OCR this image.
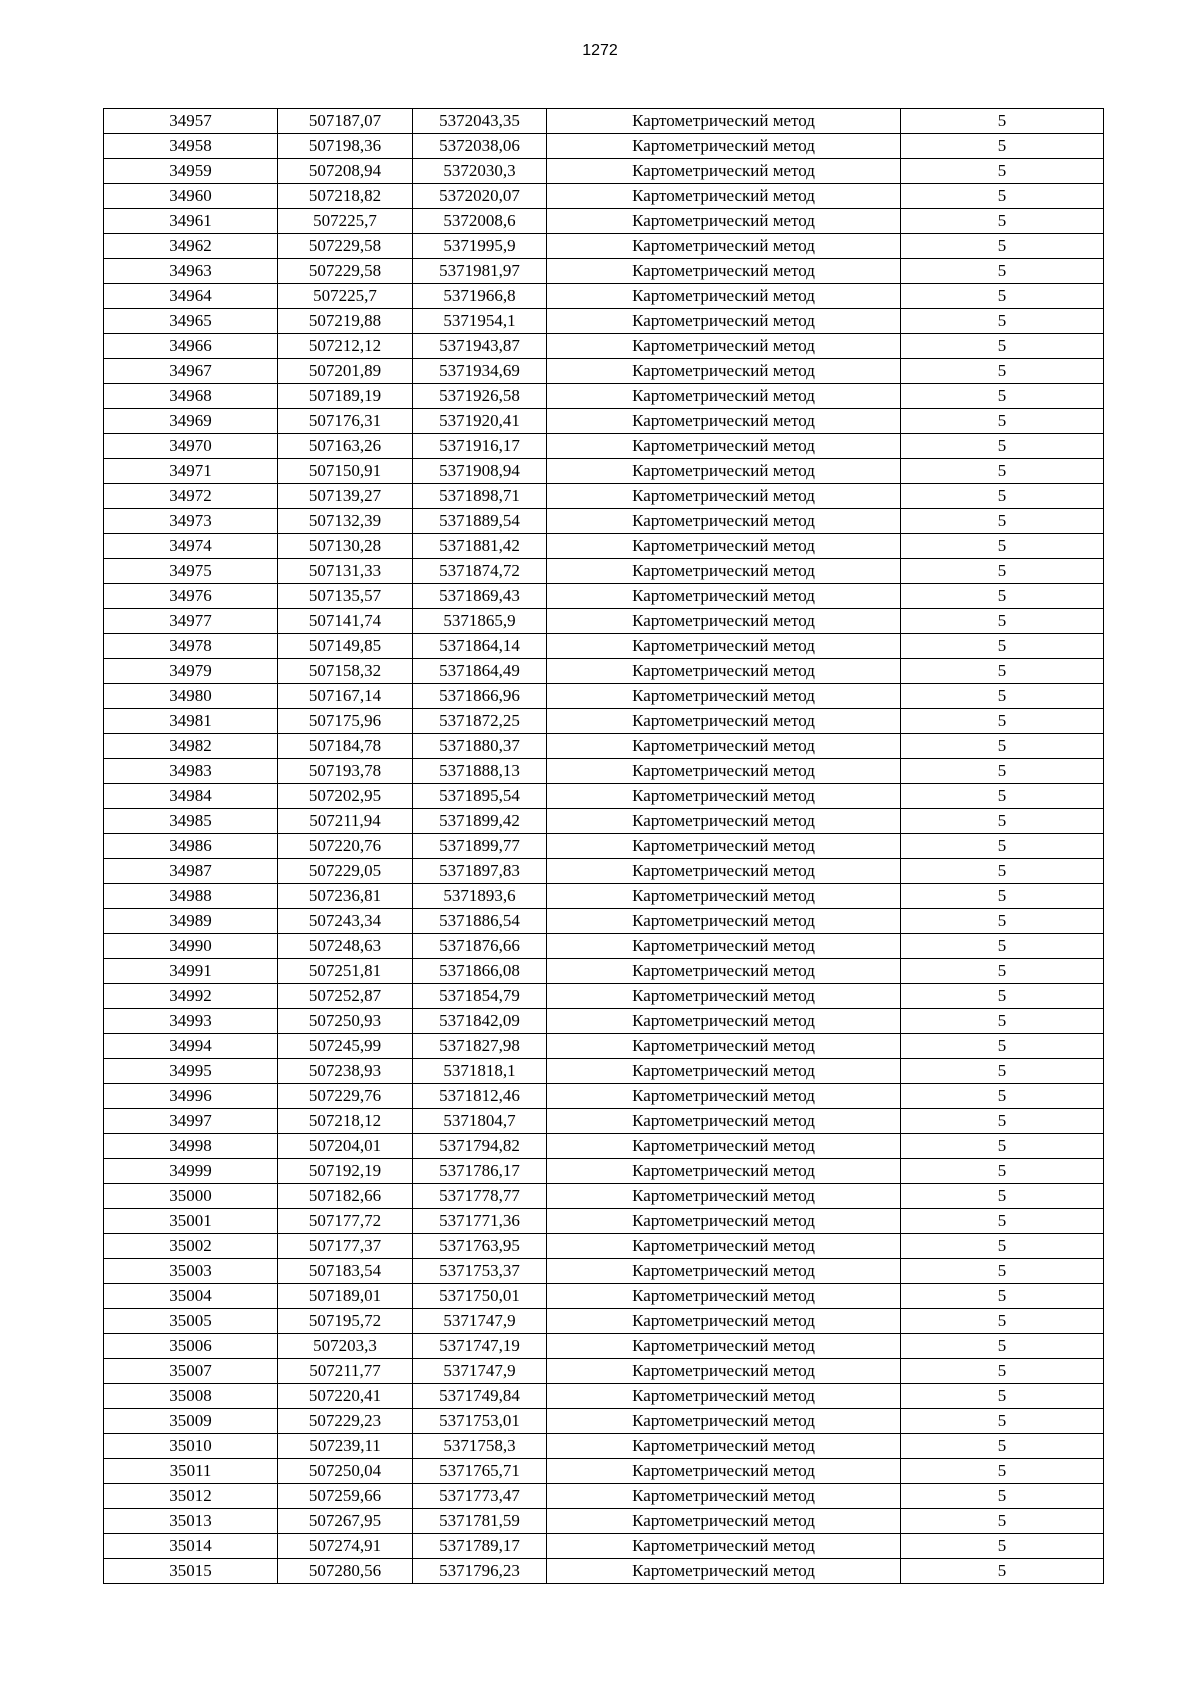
1272
34957	507187,07	5372043,35	Картометрический метод	5
34958	507198,36	5372038,06	Картометрический метод	5
34959	507208,94	5372030,3	Картометрический метод	5
34960	507218,82	5372020,07	Картометрический метод	5
34961	507225,7	5372008,6	Картометрический метод	5
34962	507229,58	5371995,9	Картометрический метод	5
34963	507229,58	5371981,97	Картометрический метод	5
34964	507225,7	5371966,8	Картометрический метод	5
34965	507219,88	5371954,1	Картометрический метод	5
34966	507212,12	5371943,87	Картометрический метод	5
34967	507201,89	5371934,69	Картометрический метод	5
34968	507189,19	5371926,58	Картометрический метод	5
34969	507176,31	5371920,41	Картометрический метод	5
34970	507163,26	5371916,17	Картометрический метод	5
34971	507150,91	5371908,94	Картометрический метод	5
34972	507139,27	5371898,71	Картометрический метод	5
34973	507132,39	5371889,54	Картометрический метод	5
34974	507130,28	5371881,42	Картометрический метод	5
34975	507131,33	5371874,72	Картометрический метод	5
34976	507135,57	5371869,43	Картометрический метод	5
34977	507141,74	5371865,9	Картометрический метод	5
34978	507149,85	5371864,14	Картометрический метод	5
34979	507158,32	5371864,49	Картометрический метод	5
34980	507167,14	5371866,96	Картометрический метод	5
34981	507175,96	5371872,25	Картометрический метод	5
34982	507184,78	5371880,37	Картометрический метод	5
34983	507193,78	5371888,13	Картометрический метод	5
34984	507202,95	5371895,54	Картометрический метод	5
34985	507211,94	5371899,42	Картометрический метод	5
34986	507220,76	5371899,77	Картометрический метод	5
34987	507229,05	5371897,83	Картометрический метод	5
34988	507236,81	5371893,6	Картометрический метод	5
34989	507243,34	5371886,54	Картометрический метод	5
34990	507248,63	5371876,66	Картометрический метод	5
34991	507251,81	5371866,08	Картометрический метод	5
34992	507252,87	5371854,79	Картометрический метод	5
34993	507250,93	5371842,09	Картометрический метод	5
34994	507245,99	5371827,98	Картометрический метод	5
34995	507238,93	5371818,1	Картометрический метод	5
34996	507229,76	5371812,46	Картометрический метод	5
34997	507218,12	5371804,7	Картометрический метод	5
34998	507204,01	5371794,82	Картометрический метод	5
34999	507192,19	5371786,17	Картометрический метод	5
35000	507182,66	5371778,77	Картометрический метод	5
35001	507177,72	5371771,36	Картометрический метод	5
35002	507177,37	5371763,95	Картометрический метод	5
35003	507183,54	5371753,37	Картометрический метод	5
35004	507189,01	5371750,01	Картометрический метод	5
35005	507195,72	5371747,9	Картометрический метод	5
35006	507203,3	5371747,19	Картометрический метод	5
35007	507211,77	5371747,9	Картометрический метод	5
35008	507220,41	5371749,84	Картометрический метод	5
35009	507229,23	5371753,01	Картометрический метод	5
35010	507239,11	5371758,3	Картометрический метод	5
35011	507250,04	5371765,71	Картометрический метод	5
35012	507259,66	5371773,47	Картометрический метод	5
35013	507267,95	5371781,59	Картометрический метод	5
35014	507274,91	5371789,17	Картометрический метод	5
35015	507280,56	5371796,23	Картометрический метод	5
